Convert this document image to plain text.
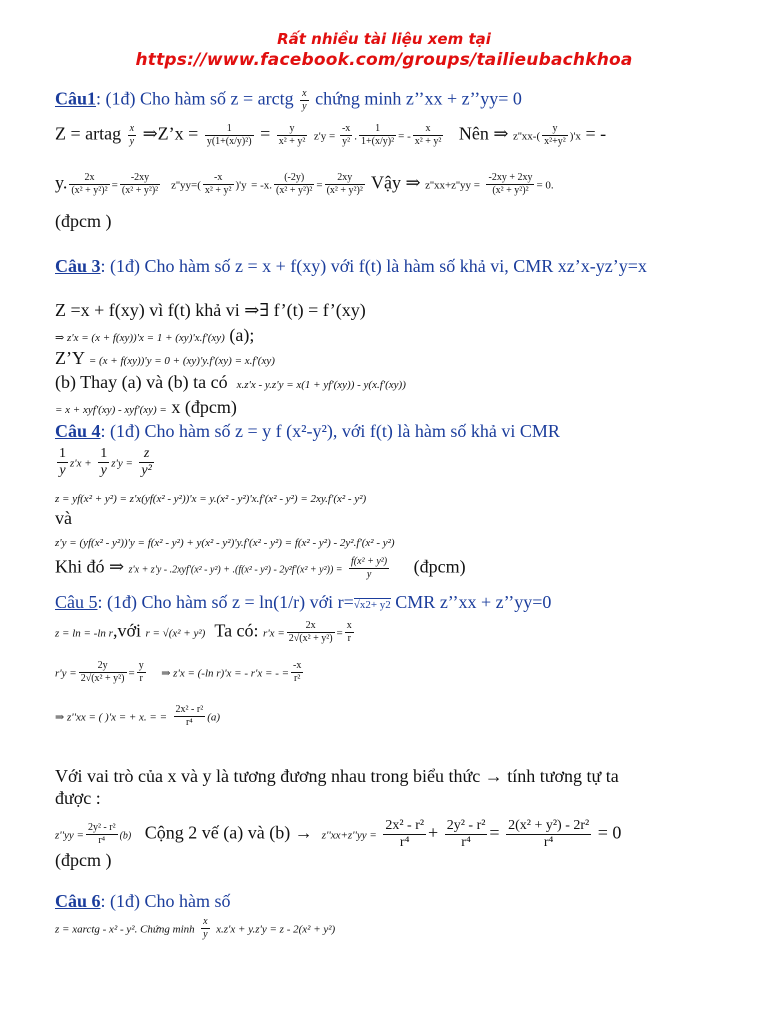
Rất nhiều tài liệu xem tại
https://www.facebook.com/groups/tailieubachkhoa
Câu1: (1đ) Cho hàm số z = arctg $\frac{x}{y}$ chứng minh z’’xx + z’’yy= 0
Z = artag $\frac{x}{y}$ ⇒Z’x = $\frac{1}{\text{y(1+(x/y)²)}} = \frac{y}{\text{x² + y²}} z'y = \frac{-x}{\text{y²}}$ . $\frac{1}{\text{1+(x/y)²}}$ = - $\frac{x}{\text{x² + y²}}$ Nên ⇒ $z''xx-( \frac{y}{\text{x²+y²}} )'x$ = -
y. $\frac{2x}{\text{(x² + y²)²}} = \frac{-2xy}{\text{(x² + y²)²}} z''yy=( \frac{-x}{\text{x² + y²}} )'y = -x$. $\frac{(-2y)}{\text{(x² + y²)²}} = \frac{2xy}{\text{(x² + y²)²}}$ Vậy ⇒ $z''xx+z''yy = \frac{-2xy + 2xy}{\text{(x² + y²)²}} = 0$.
(đpcm )
Câu 3: (1đ) Cho hàm số z = x + f(xy) với f(t) là hàm số khả vi, CMR xz’x-yz’y=x
Z =x + f(xy) vì f(t) khả vi ⇒∃ f’(t) = f’(xy)
⇒ z'x = (x + f(xy))'x = 1 + (xy)'x.f'(xy) (a);
Z’Y = (x + f(xy))'y = 0 + (xy)'y.f'(xy) = x.f'(xy)
(b) Thay (a) và (b) ta có x.z'x - y.z'y = x(1 + yf'(xy)) - y(x.f'(xy))
= x + xyf'(xy) - xyf'(xy) = x (đpcm)
Câu 4: (1đ) Cho hàm số z = y f (x²-y²), với f(t) là hàm số khả vi CMR
$\frac{1}{y} z'x + \frac{1}{y} z'y = \frac{z}{\text{y²}}$
z = yf(x² + y²) = z'x(yf(x² - y²))'x = y.(x² - y²)'x.f'(x² - y²) = 2xy.f'(x² - y²)
và
z'y = (yf(x² - y²))'y = f(x² - y²) + y(x² - y²)'y.f'(x² - y²) = f(x² - y²) - 2y².f'(x² - y²)
Khi đó ⇒ $z'x + z'y - .2xyf'(x^2 - y^2) + .(f(x^2 - y^2) - 2y^2f'(x^2 + y^2)) = \frac{\text{f(x² + y²)}}{y}$ (đpcm)
Câu 5: (1đ) Cho hàm số z = ln(1/r) với r=√x2+ y2 CMR z’’xx + z’’yy=0
z = ln = -ln r,với r = √(x² + y²) Ta có: $r'x = \frac{2x}{\text{2√(x² + y²)}} = \frac{x}{r}$
$r'y = \frac{2y}{\text{2√(x² + y²)}} = \frac{y}{r}$ ⇒ z'x = (-ln r)'x = - r'x = - = $\frac{-x}{\text{r²}}$
⇒ z''xx = ( )'x = + x. = = $\frac{\text{2x² - r²}}{\text{r⁴}} (a)$
Với vai trò của x và y là tương đương nhau trong biểu thức → tính tương tự ta
được :
$z''yy = \frac{\text{2y² - r²}}{\text{r⁴}} (b)$ Cộng 2 vế (a) và $(b) \to z''xx+z''yy = \frac{\text{2x² - r²}}{\text{r⁴}} + \frac{\text{2y² - r²}}{\text{r⁴}} = \frac{\text{2(x² + y²) - 2r²}}{\text{r⁴}} = 0$
(đpcm )
Câu 6: (1đ) Cho hàm số
z = xarctg - x² - y². Chứng minh $\frac{x}{y} x.z'x + y.z'y = z - 2(x^2 + y^2)$
